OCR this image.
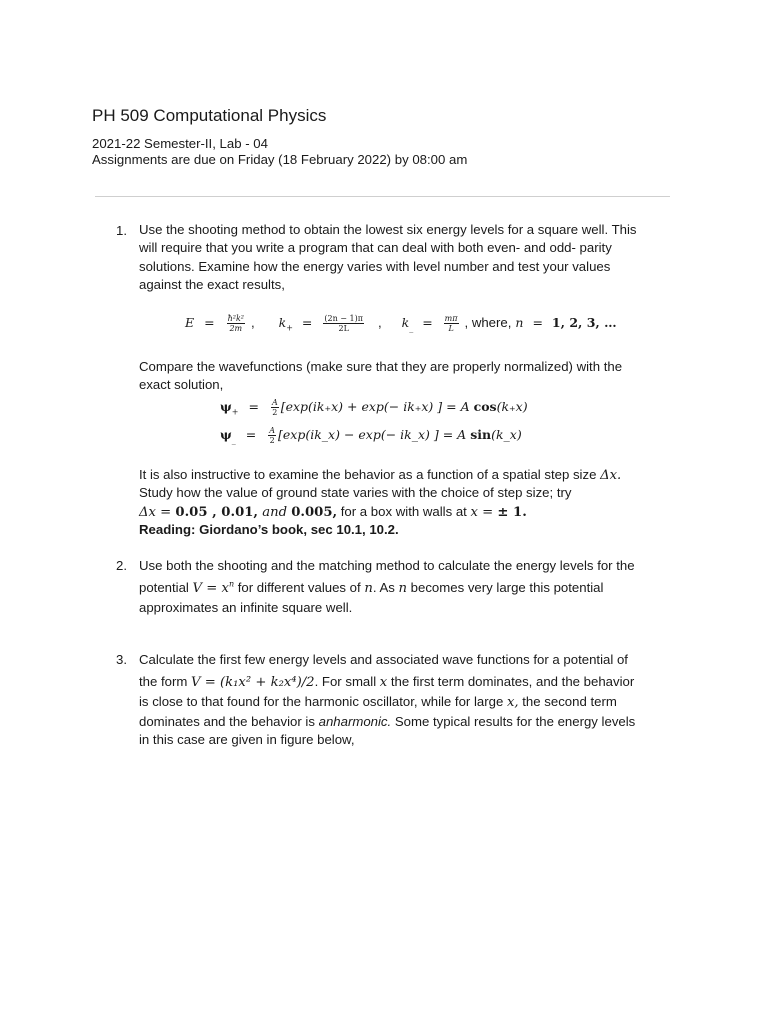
PH 509 Computational Physics
2021-22 Semester-II, Lab - 04
Assignments are due on Friday (18 February 2022) by 08:00 am
1. Use the shooting method to obtain the lowest six energy levels for a square well. This
will require that you write a program that can deal with both even- and odd- parity
solutions. Examine how the energy varies with level number and test your values
against the exact results,
$E = \frac{\text{ħ²k²}}{2m}$ , $k_+ = \frac{(2n - 1)\pi}{2L}$ , $k_{\_} = \frac{m\pi}{L}$ , where, n = 1, 2, 3, …
Compare the wavefunctions (make sure that they are properly normalized) with the
exact solution,
$\psi_+ = \frac{A}{2} [\exp(ik_+x) + \exp(- ik_+x)$ ] = A cos(k₊x)
$\psi_{\_} = \frac{A}{2}$ [exp(ik_x) − exp(− ik_x) ] = A sin(k_x)
It is also instructive to examine the behavior as a function of a spatial step size Δx.
Study how the value of ground state varies with the choice of step size; try
Δx = 0.05 , 0.01, and 0.005, for a box with walls at x = ± 1.
Reading: Giordano’s book, sec 10.1, 10.2.
2. Use both the shooting and the matching method to calculate the energy levels for the
potential $V = x^n$ for different values of n. As n becomes very large this potential
approximates an infinite square well.
3. Calculate the first few energy levels and associated wave functions for a potential of
the form V = (k₁x² + k₂x⁴)/2. For small x the first term dominates, and the behavior
is close to that found for the harmonic oscillator, while for large x, the second term
dominates and the behavior is anharmonic. Some typical results for the energy levels
in this case are given in figure below,
